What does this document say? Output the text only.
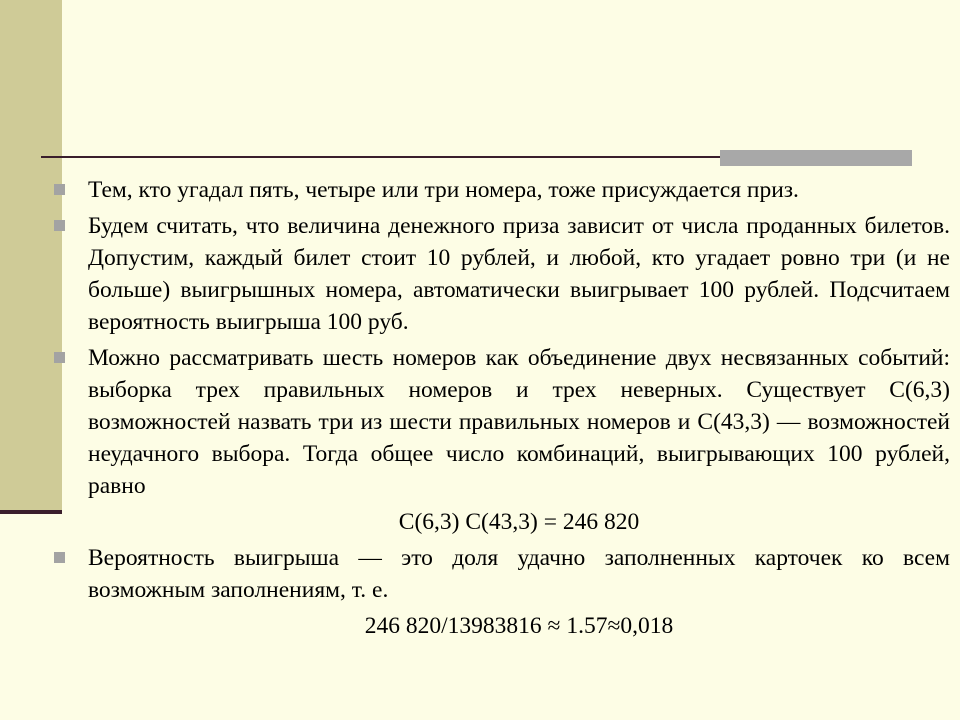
Тем, кто угадал пять, четыре или три номера, тоже присуждается приз.
Будем считать, что величина денежного приза зависит от числа проданных билетов. Допустим, каждый билет стоит 10 рублей, и любой, кто угадает ровно три (и не больше) выигрышных номера, автоматически выигрывает 100 рублей. Подсчитаем вероятность выигрыша 100 руб.
Можно рассматривать шесть номеров как объединение двух несвязанных событий: выборка трех правильных номеров и трех неверных. Существует C(6,3) возможностей назвать три из шести правильных номеров и C(43,3) — возможностей неудачного выбора. Тогда общее число комбинаций, выигрывающих 100 рублей, равно
C(6,3) C(43,3) = 246 820
Вероятность выигрыша — это доля удачно заполненных карточек ко всем возможным заполнениям, т. е.
246 820/13983816 ≈ 1.57≈0,018
